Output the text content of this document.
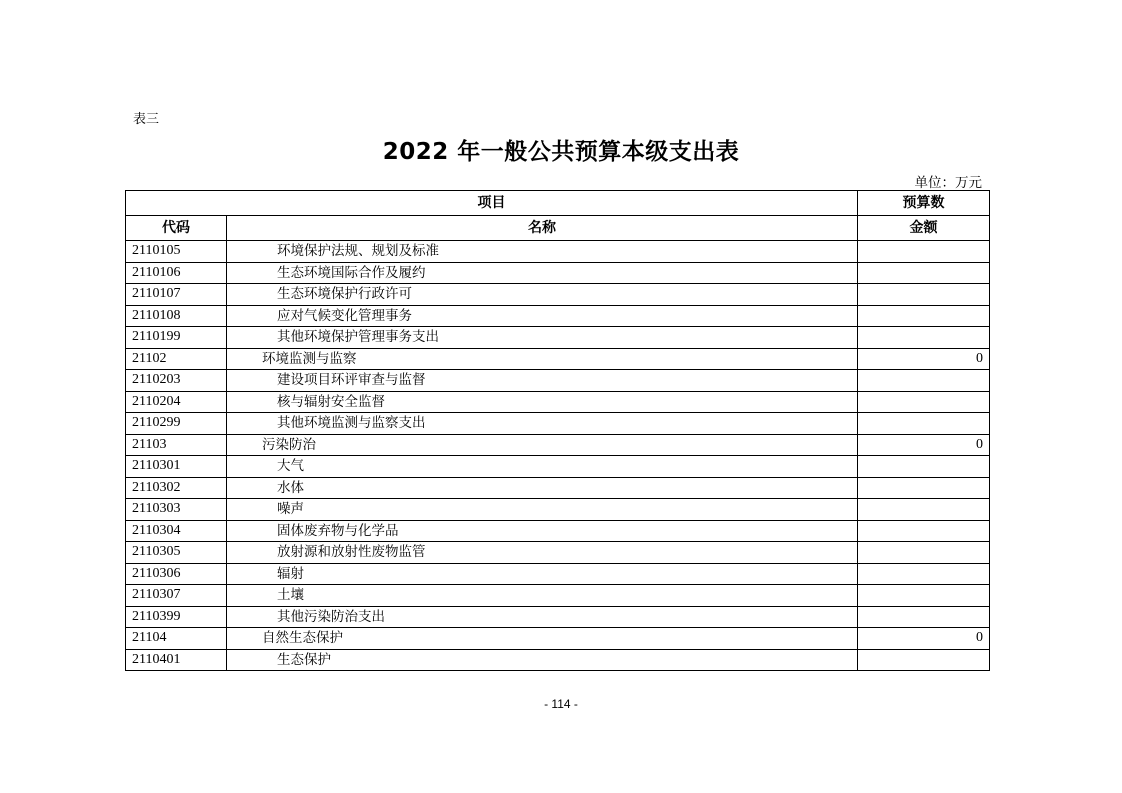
表三
2022 年一般公共预算本级支出表
单位：万元
项目		预算数
代码	名称	金额
2110105	环境保护法规、规划及标准	
2110106	生态环境国际合作及履约	
2110107	生态环境保护行政许可	
2110108	应对气候变化管理事务	
2110199	其他环境保护管理事务支出	
21102	环境监测与监察	0
2110203	建设项目环评审查与监督	
2110204	核与辐射安全监督	
2110299	其他环境监测与监察支出	
21103	污染防治	0
2110301	大气	
2110302	水体	
2110303	噪声	
2110304	固体废弃物与化学品	
2110305	放射源和放射性废物监管	
2110306	辐射	
2110307	土壤	
2110399	其他污染防治支出	
21104	自然生态保护	0
2110401	生态保护	
- 114 -
